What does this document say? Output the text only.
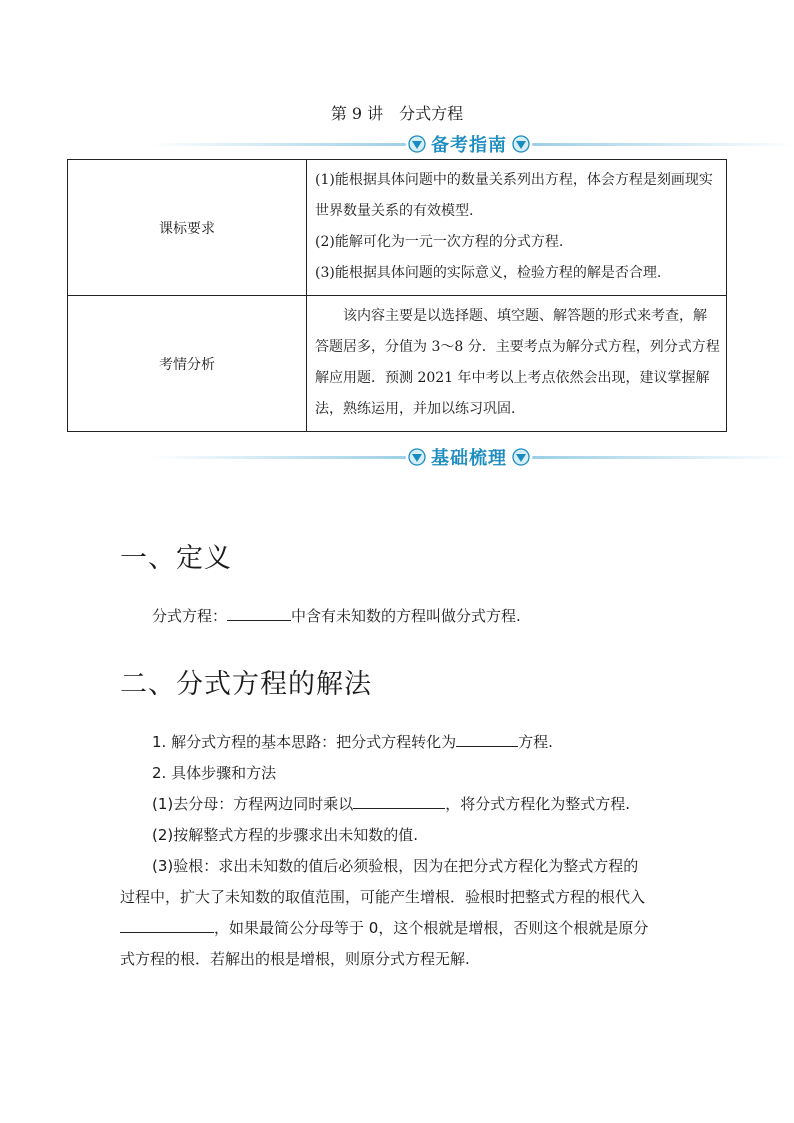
第 9 讲　分式方程
备考指南
课标要求	(1)能根据具体问题中的数量关系列出方程，体会方程是刻画现实世界数量关系的有效模型.
(2)能解可化为一元一次方程的分式方程.
(3)能根据具体问题的实际意义，检验方程的解是否合理.

考情分析	该内容主要是以选择题、填空题、解答题的形式来考查，解答题居多，分值为 3～8 分．主要考点为解分式方程，列分式方程解应用题．预测 2021 年中考以上考点依然会出现，建议掌握解法，熟练运用，并加以练习巩固.
基础梳理
一、定义
分式方程：	中含有未知数的方程叫做分式方程.
二、分式方程的解法
1. 解分式方程的基本思路：把分式方程转化为	方程.
2. 具体步骤和方法
(1)去分母：方程两边同时乘以	，将分式方程化为整式方程.
(2)按解整式方程的步骤求出未知数的值.
(3)验根：求出未知数的值后必须验根，因为在把分式方程化为整式方程的
过程中，扩大了未知数的取值范围，可能产生增根．验根时把整式方程的根代入
，如果最简公分母等于 0，这个根就是增根，否则这个根就是原分
式方程的根．若解出的根是增根，则原分式方程无解.
